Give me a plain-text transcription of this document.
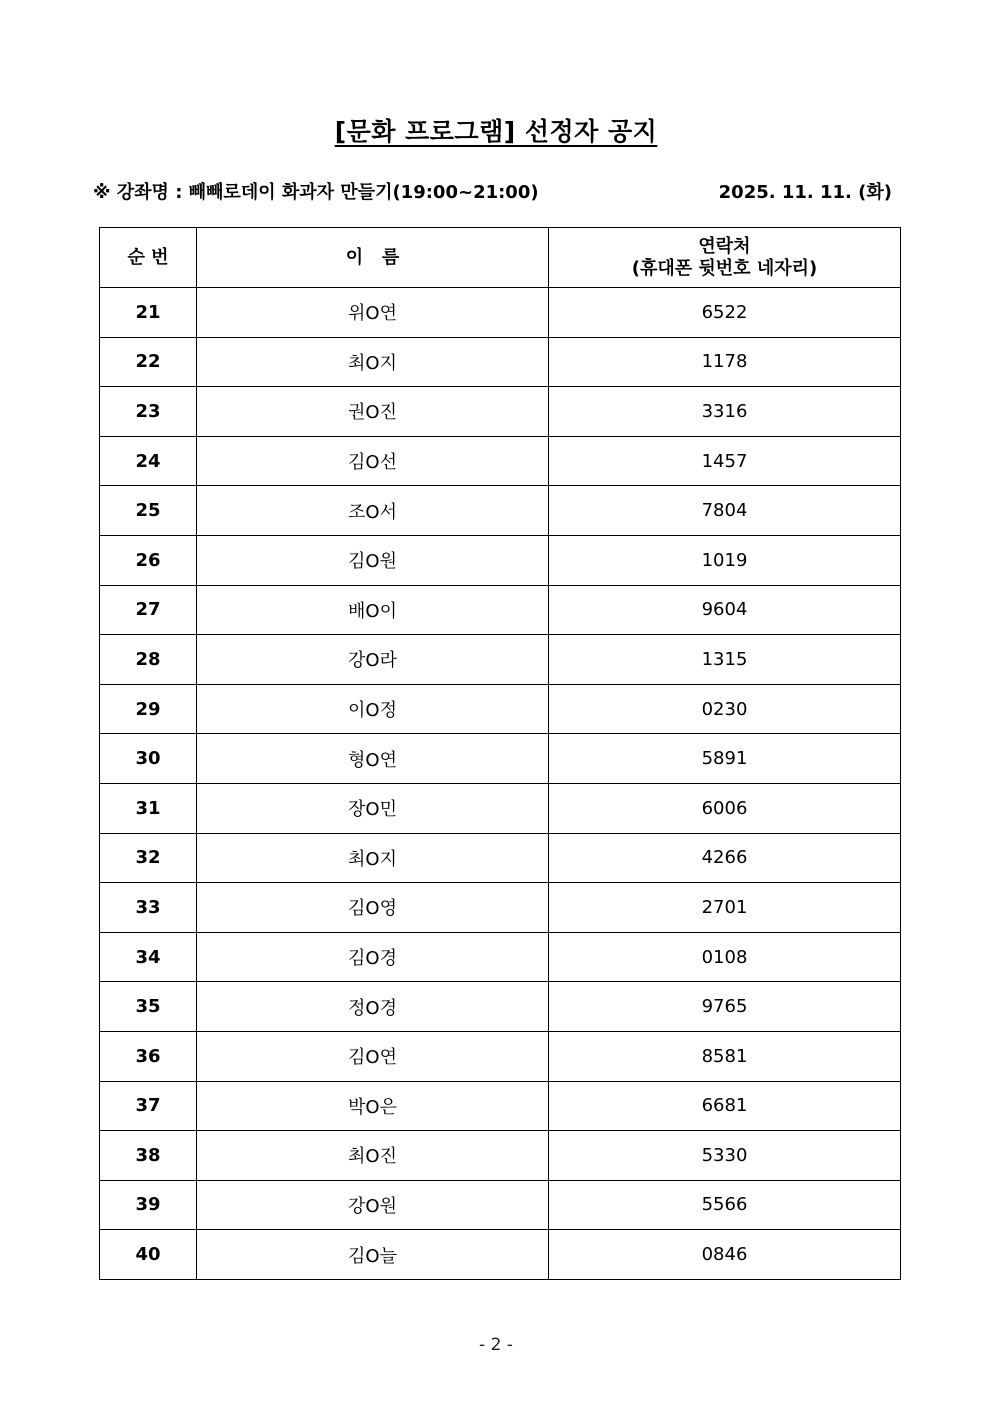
[문화 프로그램] 선정자 공지
※ 강좌명 : 빼빼로데이 화과자 만들기(19:00~21:00)	2025. 11. 11. (화)
순 번	이   름	연락처
(휴대폰 뒷번호 네자리)

21	위O연	6522
22	최O지	1178
23	권O진	3316
24	김O선	1457
25	조O서	7804
26	김O원	1019
27	배O이	9604
28	강O라	1315
29	이O정	0230
30	형O연	5891
31	장O민	6006
32	최O지	4266
33	김O영	2701
34	김O경	0108
35	정O경	9765
36	김O연	8581
37	박O은	6681
38	최O진	5330
39	강O원	5566
40	김O늘	0846
- 2 -
